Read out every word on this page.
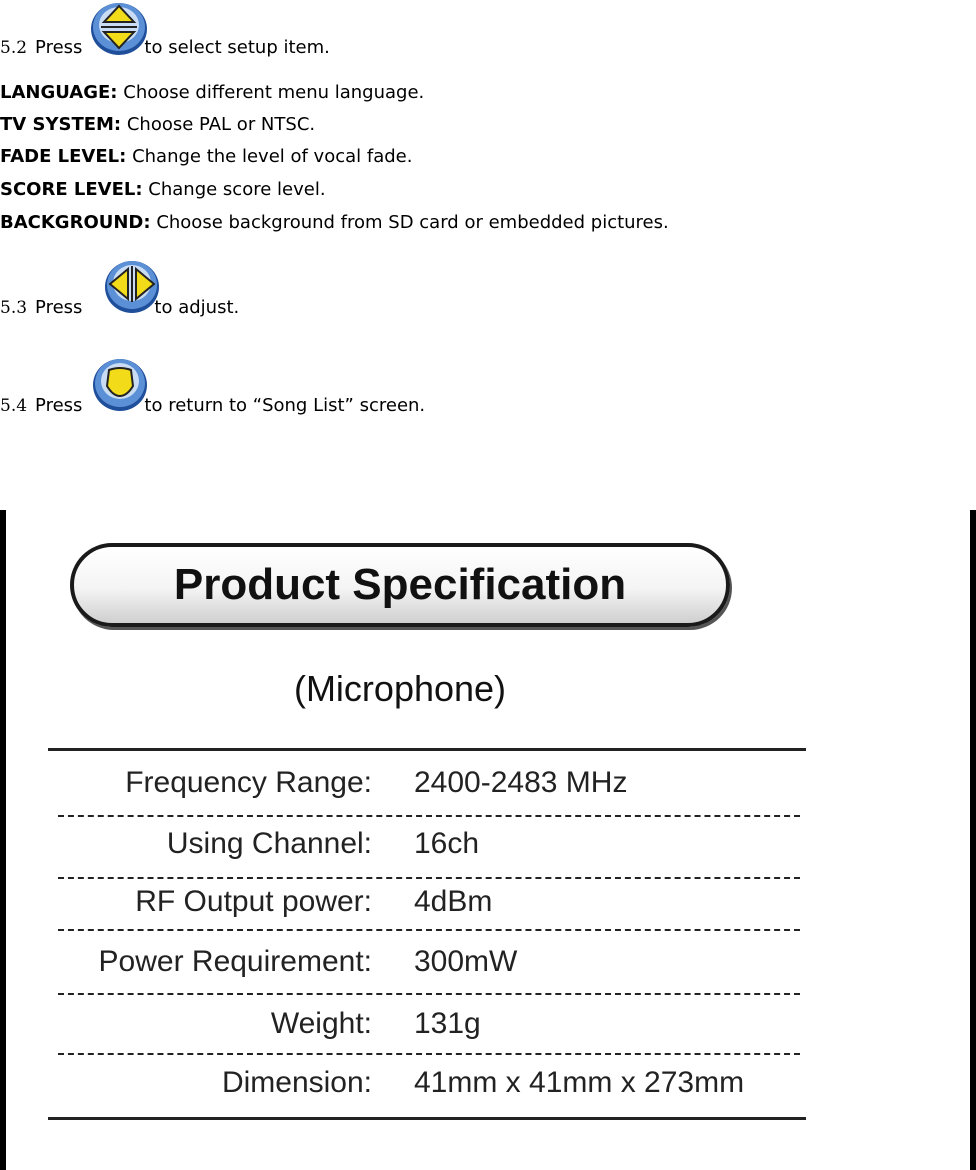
5.2 Press	to select setup item.
LANGUAGE: Choose different menu language.
TV SYSTEM: Choose PAL or NTSC.
FADE LEVEL: Change the level of vocal fade.
SCORE LEVEL: Change score level.
BACKGROUND: Choose background from SD card or embedded pictures.
5.3 Press	to adjust.
5.4 Press	to return to “Song List” screen.
Product Specification
(Microphone)
Frequency Range: 2400-2483 MHz
Using Channel: 16ch
RF Output power: 4dBm
Power Requirement: 300mW
Weight: 131g
Dimension: 41mm x 41mm x 273mm
